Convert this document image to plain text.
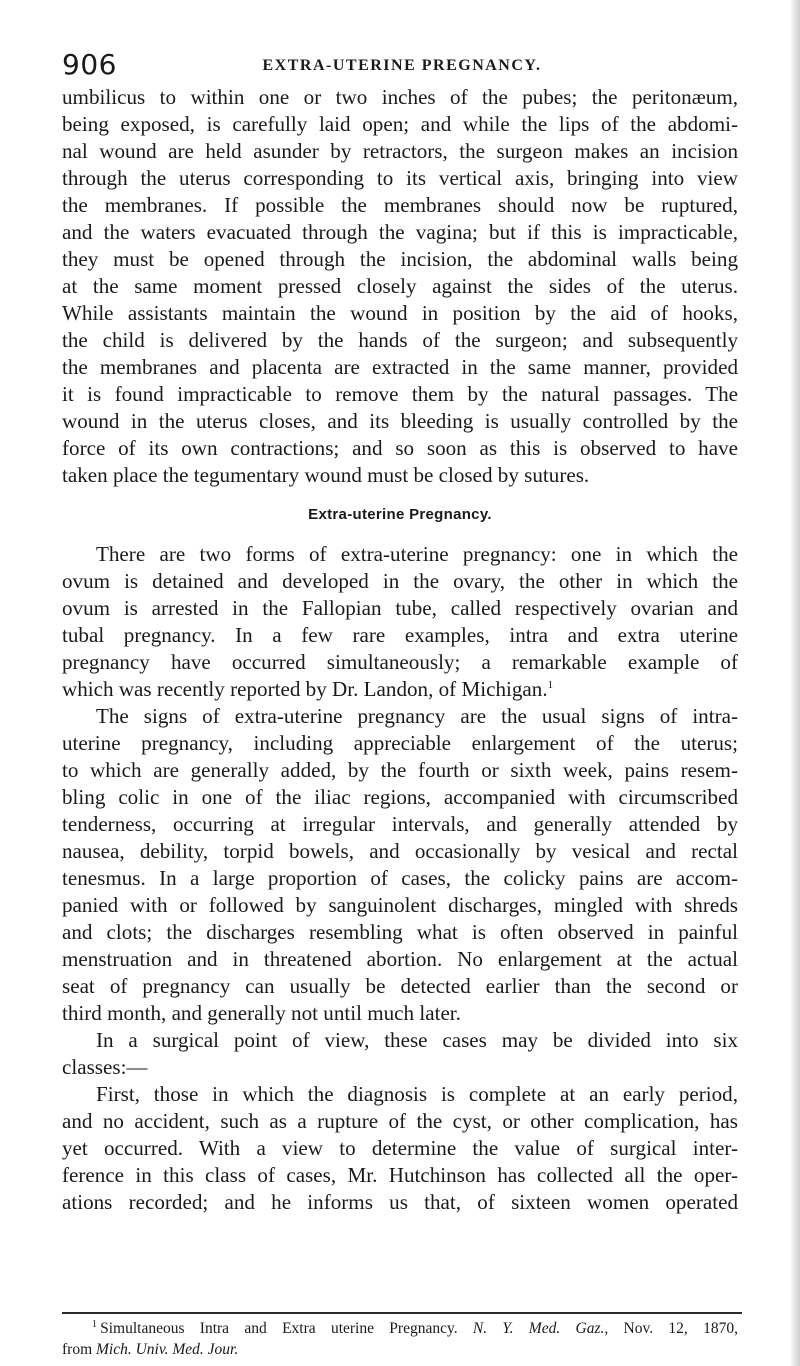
906	EXTRA-UTERINE PREGNANCY.
umbilicus to within one or two inches of the pubes; the peritonæum,
being exposed, is carefully laid open; and while the lips of the abdomi-
nal wound are held asunder by retractors, the surgeon makes an incision
through the uterus corresponding to its vertical axis, bringing into view
the membranes. If possible the membranes should now be ruptured,
and the waters evacuated through the vagina; but if this is impracticable,
they must be opened through the incision, the abdominal walls being
at the same moment pressed closely against the sides of the uterus.
While assistants maintain the wound in position by the aid of hooks,
the child is delivered by the hands of the surgeon; and subsequently
the membranes and placenta are extracted in the same manner, provided
it is found impracticable to remove them by the natural passages. The
wound in the uterus closes, and its bleeding is usually controlled by the
force of its own contractions; and so soon as this is observed to have
taken place the tegumentary wound must be closed by sutures.
Extra-uterine Pregnancy.
There are two forms of extra-uterine pregnancy: one in which the
ovum is detained and developed in the ovary, the other in which the
ovum is arrested in the Fallopian tube, called respectively ovarian and
tubal pregnancy. In a few rare examples, intra and extra uterine
pregnancy have occurred simultaneously; a remarkable example of
which was recently reported by Dr. Landon, of Michigan.$^1$
The signs of extra-uterine pregnancy are the usual signs of intra-
uterine pregnancy, including appreciable enlargement of the uterus;
to which are generally added, by the fourth or sixth week, pains resem-
bling colic in one of the iliac regions, accompanied with circumscribed
tenderness, occurring at irregular intervals, and generally attended by
nausea, debility, torpid bowels, and occasionally by vesical and rectal
tenesmus. In a large proportion of cases, the colicky pains are accom-
panied with or followed by sanguinolent discharges, mingled with shreds
and clots; the discharges resembling what is often observed in painful
menstruation and in threatened abortion. No enlargement at the actual
seat of pregnancy can usually be detected earlier than the second or
third month, and generally not until much later.
In a surgical point of view, these cases may be divided into six
classes:—
First, those in which the diagnosis is complete at an early period,
and no accident, such as a rupture of the cyst, or other complication, has
yet occurred. With a view to determine the value of surgical inter-
ference in this class of cases, Mr. Hutchinson has collected all the oper-
ations recorded; and he informs us that, of sixteen women operated
$^1$  Simultaneous Intra and Extra uterine Pregnancy. N. Y. Med. Gaz., Nov. 12, 1870,
from Mich. Univ. Med. Jour.
